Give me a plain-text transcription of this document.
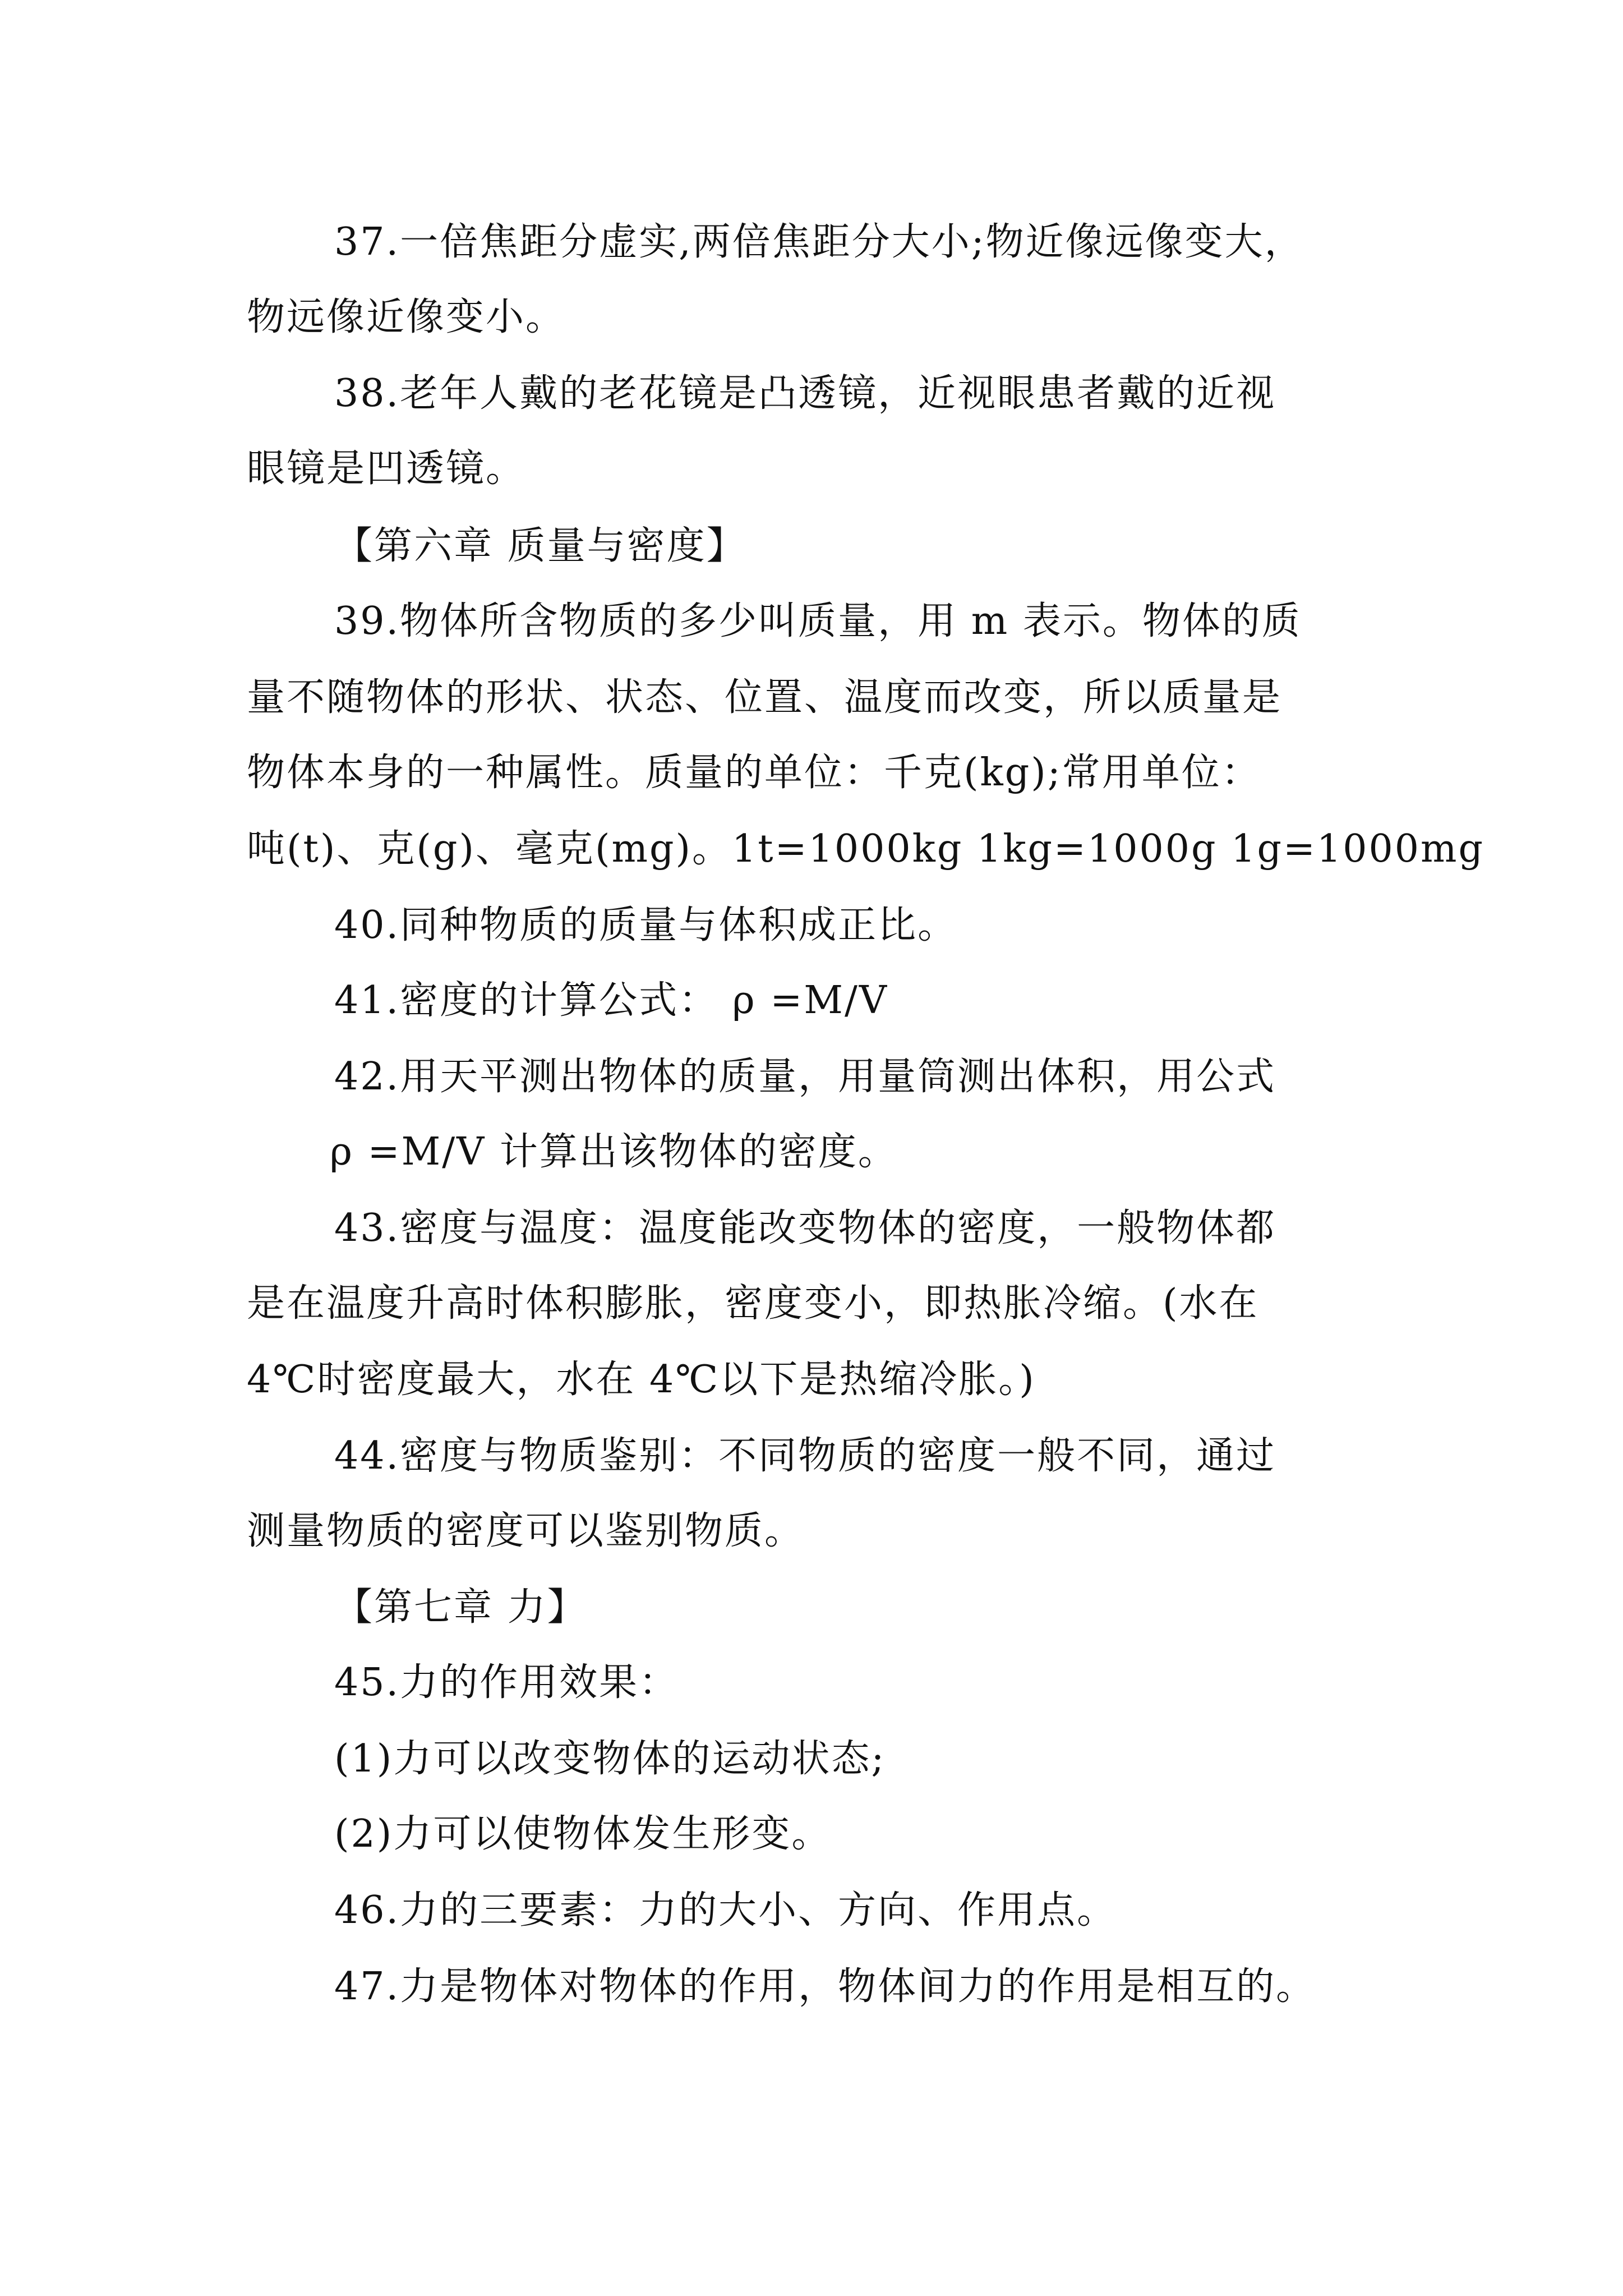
37.一倍焦距分虚实,两倍焦距分大小;物近像远像变大，
物远像近像变小。
38.老年人戴的老花镜是凸透镜，近视眼患者戴的近视
眼镜是凹透镜。
【第六章 质量与密度】
39.物体所含物质的多少叫质量，用 m 表示。物体的质
量不随物体的形状、状态、位置、温度而改变，所以质量是
物体本身的一种属性。质量的单位：千克(kg);常用单位：
吨(t)、克(g)、毫克(mg)。1t=1000kg 1kg=1000g 1g=1000mg
40.同种物质的质量与体积成正比。
41.密度的计算公式： ρ =M/V
42.用天平测出物体的质量，用量筒测出体积，用公式
ρ =M/V 计算出该物体的密度。
43.密度与温度：温度能改变物体的密度，一般物体都
是在温度升高时体积膨胀，密度变小，即热胀冷缩。(水在
4℃时密度最大，水在 4℃以下是热缩冷胀。)
44.密度与物质鉴别：不同物质的密度一般不同，通过
测量物质的密度可以鉴别物质。
【第七章 力】
45.力的作用效果：
(1)力可以改变物体的运动状态;
(2)力可以使物体发生形变。
46.力的三要素：力的大小、方向、作用点。
47.力是物体对物体的作用，物体间力的作用是相互的。
